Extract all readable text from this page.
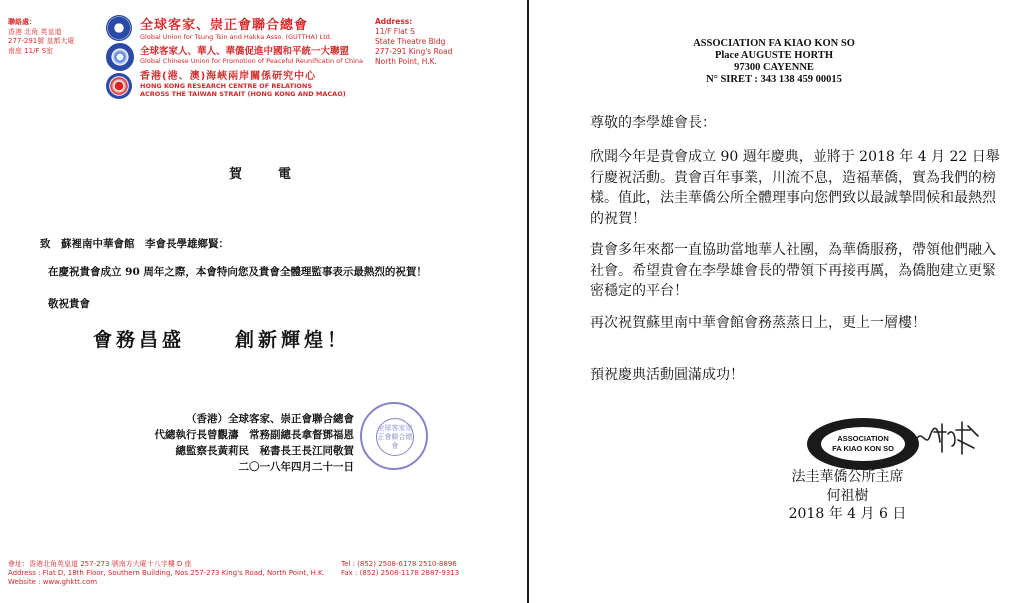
聯絡處：
香港 北角 英皇道
277-291號 皇都大廈
南座 11/F S室
全球客家、崇正會聯合總會
Global Union for Tsung Tsin and Hakka Asso. (GUTTHA) Ltd.
全球客家人、華人、華僑促進中國和平統一大聯盟
Global Chinese Union for Promotion of Peaceful Reunificatin of China
香港(港、澳)海峽兩岸關係研究中心
HONG KONG RESEARCH CENTRE OF RELATIONS
ACROSS THE TAIWAN STRAIT (HONG KONG AND MACAO)
Address:
11/F Flat S
State Theatre Bldg
277-291 King's Road
North Point, H.K.
賀電
致　蘇裡南中華會館　李會長學雄鄉賢：
在慶祝貴會成立 90 周年之際，本會特向您及貴會全體理監事表示最熱烈的祝賀！
敬祝貴會
會務昌盛	創新輝煌！
（香港）全球客家、崇正會聯合總會
代總執行長曾觀濤　常務副總長拿督鄧福恩
總監察長黃莉民　秘書長王長江同敬賀
二〇一八年四月二十一日
全球客家崇正會聯合總會
會址：香港北角英皇道 257-273 號南方大廈十八字樓 D 座
Address : Flat D, 18th Floor, Southern Building, Nos.257-273 King's Road, North Point, H.K.
Website : www.ghktt.com
Tel : (852) 2508-6178 2510-8896
Fax : (852) 2508-1178 2887-9313
ASSOCIATION FA KIAO KON SO
Place AUGUSTE HORTH
97300 CAYENNE
N° SIRET : 343 138 459 00015
尊敬的李學雄會長：
欣聞今年是貴會成立 90 週年慶典，並將于 2018 年 4 月 22 日舉行慶祝活動。貴會百年事業，川流不息，造福華僑，實為我們的榜樣。值此，法圭華僑公所全體理事向您們致以最誠摯問候和最熱烈的祝賀！
貴會多年來都一直協助當地華人社團，為華僑服務，帶領他們融入社會。希望貴會在李學雄會長的帶領下再接再厲，為僑胞建立更緊密穩定的平台！
再次祝賀蘇里南中華會館會務蒸蒸日上，更上一層樓！
預祝慶典活動圓滿成功！
ASSOCIATION
FA KIAO KON SO
法圭華僑公所主席
何祖樹
2018 年 4 月 6 日
